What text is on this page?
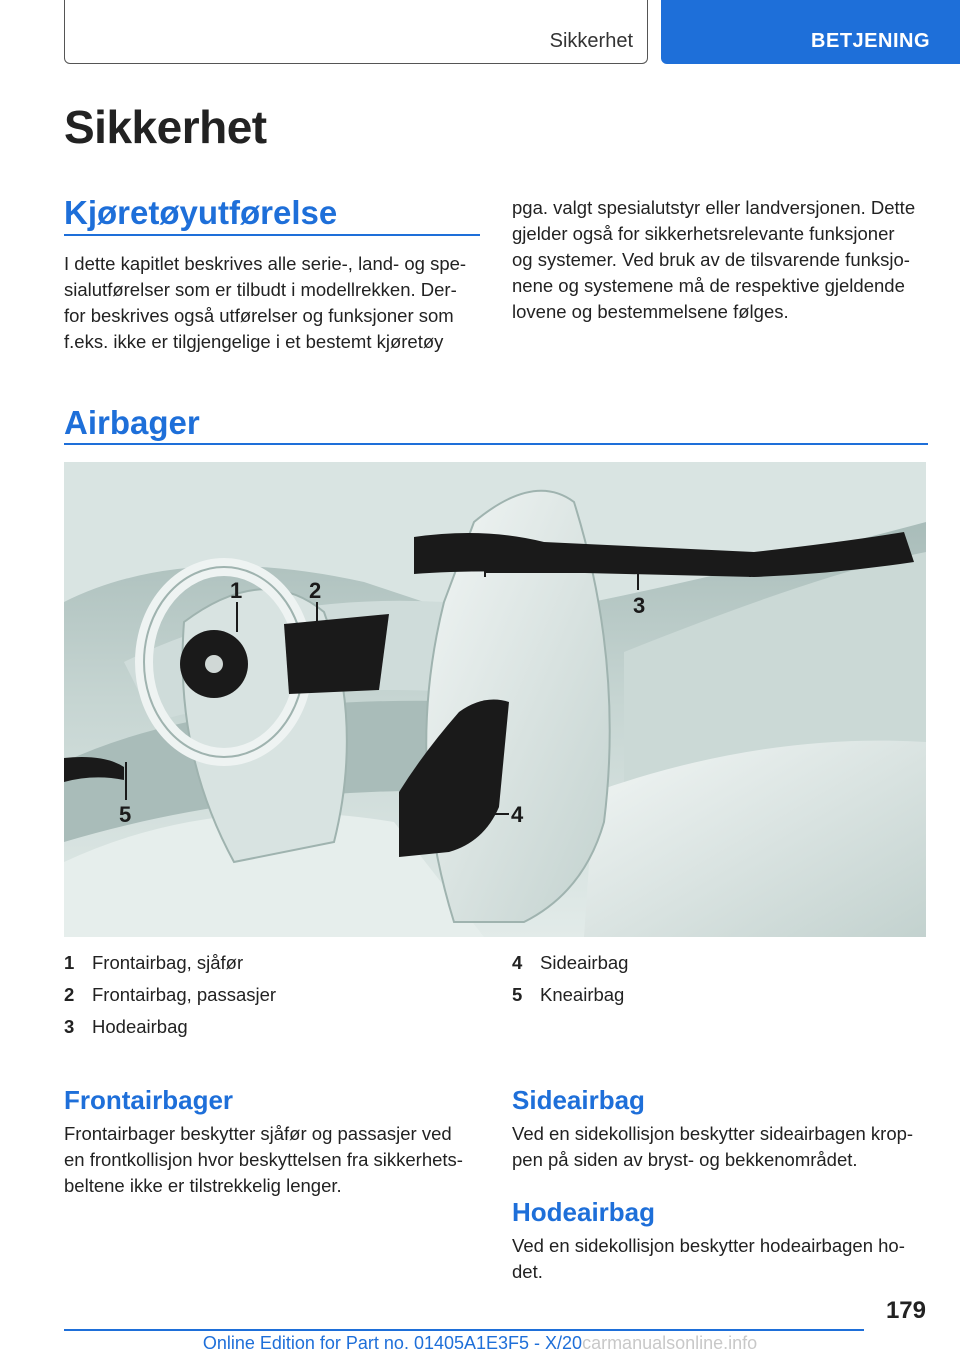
Sikkerhet	BETJENING
Sikkerhet
Kjøretøyutførelse

I dette kapitlet beskrives alle serie-, land- og spe-
sialutførelser som er tilbudt i modellrekken. Der-
for beskrives også utførelser og funksjoner som
f.eks. ikke er tilgjengelige i et bestemt kjøretøy

pga. valgt spesialutstyr eller landversjonen. Dette
gjelder også for sikkerhetsrelevante funksjoner
og systemer. Ved bruk av de tilsvarende funksjo-
nene og systemene må de respektive gjeldende
lovene og bestemmelsene følges.

Airbager
1	2
3
4
5
1 Frontairbag, sjåfør
2 Frontairbag, passasjer
3 Hodeairbag
4 Sideairbag
5 Kneairbag
Frontairbager

Frontairbager beskytter sjåfør og passasjer ved
en frontkollisjon hvor beskyttelsen fra sikkerhets-
beltene ikke er tilstrekkelig lenger.

Sideairbag

Ved en sidekollisjon beskytter sideairbagen krop-
pen på siden av bryst- og bekkenområdet.

Hodeairbag

Ved en sidekollisjon beskytter hodeairbagen ho-
det.

179
Online Edition for Part no. 01405A1E3F5 - X/20carmanualsonline.info
